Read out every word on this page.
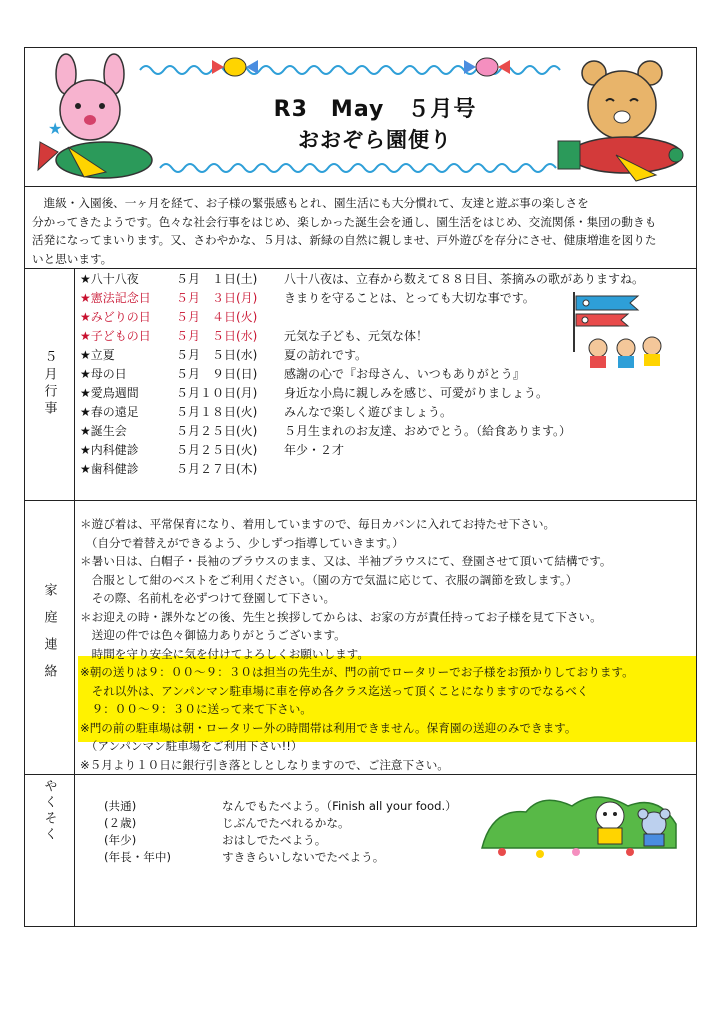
★
R3　May　５月号
おおぞら園便り

　進級・入園後、一ヶ月を経て、お子様の緊張感もとれ、園生活にも大分慣れて、友達と遊ぶ事の楽しさを

分かってきたようです。色々な社会行事をはじめ、楽しかった誕生会を通し、園生活をはじめ、交流関係・集団の動きも

活発になってまいります。又、さわやかな、５月は、新緑の自然に親しませ、戸外遊びを存分にさせ、健康増進を図りた

いと思います。

５月行事
★八十八夜	５月　１日(土) 八十八夜は、立春から数えて８８日目、茶摘みの歌がありますね。
★憲法記念日 ５月　３日(月) きまりを守ることは、とっても大切な事です。
★みどりの日 ５月　４日(火)
★子どもの日 ５月　５日(水) 元気な子ども、元気な体！
★立夏	５月　５日(水) 夏の訪れです。
★母の日	５月　９日(日) 感謝の心で『お母さん、いつもありがとう』
★愛鳥週間	５月１０日(月) 身近な小鳥に親しみを感じ、可愛がりましょう。
★春の遠足	５月１８日(火) みんなで楽しく遊びましょう。
★誕生会	５月２５日(火) ５月生まれのお友達、おめでとう。（給食あります。）
★内科健診	５月２５日(火) 年少・２才
★歯科健診	５月２７日(木)
家庭連絡

＊遊び着は、平常保育になり、着用していますので、毎日カバンに入れてお持たせ下さい。

　（自分で着替えができるよう、少しずつ指導していきます。）

＊暑い日は、白帽子・長袖のブラウスのまま、又は、半袖ブラウスにて、登園させて頂いて結構です。

　合服として紺のベストをご利用ください。（園の方で気温に応じて、衣服の調節を致します。）

　その際、名前札を必ずつけて登園して下さい。

＊お迎えの時・課外などの後、先生と挨拶してからは、お家の方が責任持ってお子様を見て下さい。

　送迎の件では色々御協力ありがとうございます。

　時間を守り安全に気を付けてよろしくお願いします。

※朝の送りは９：００〜９：３０は担当の先生が、門の前でロータリーでお子様をお預かりしております。

　それ以外は、アンパンマン駐車場に車を停め各クラス迄送って頂くことになりますのでなるべく

　９：００〜９：３０に送って来て下さい。

※門の前の駐車場は朝・ロータリー外の時間帯は利用できません。保育園の送迎のみできます。

　（アンパンマン駐車場をご利用下さい!!）

※５月より１０日に銀行引き落としとしなりますので、ご注意下さい。

やくそく	(共通)	なんでもたべよう。（Finish all your food.）
(２歳)	じぶんでたべれるかな。
(年少)	おはしでたべよう。
(年長・年中)	すききらいしないでたべよう。
